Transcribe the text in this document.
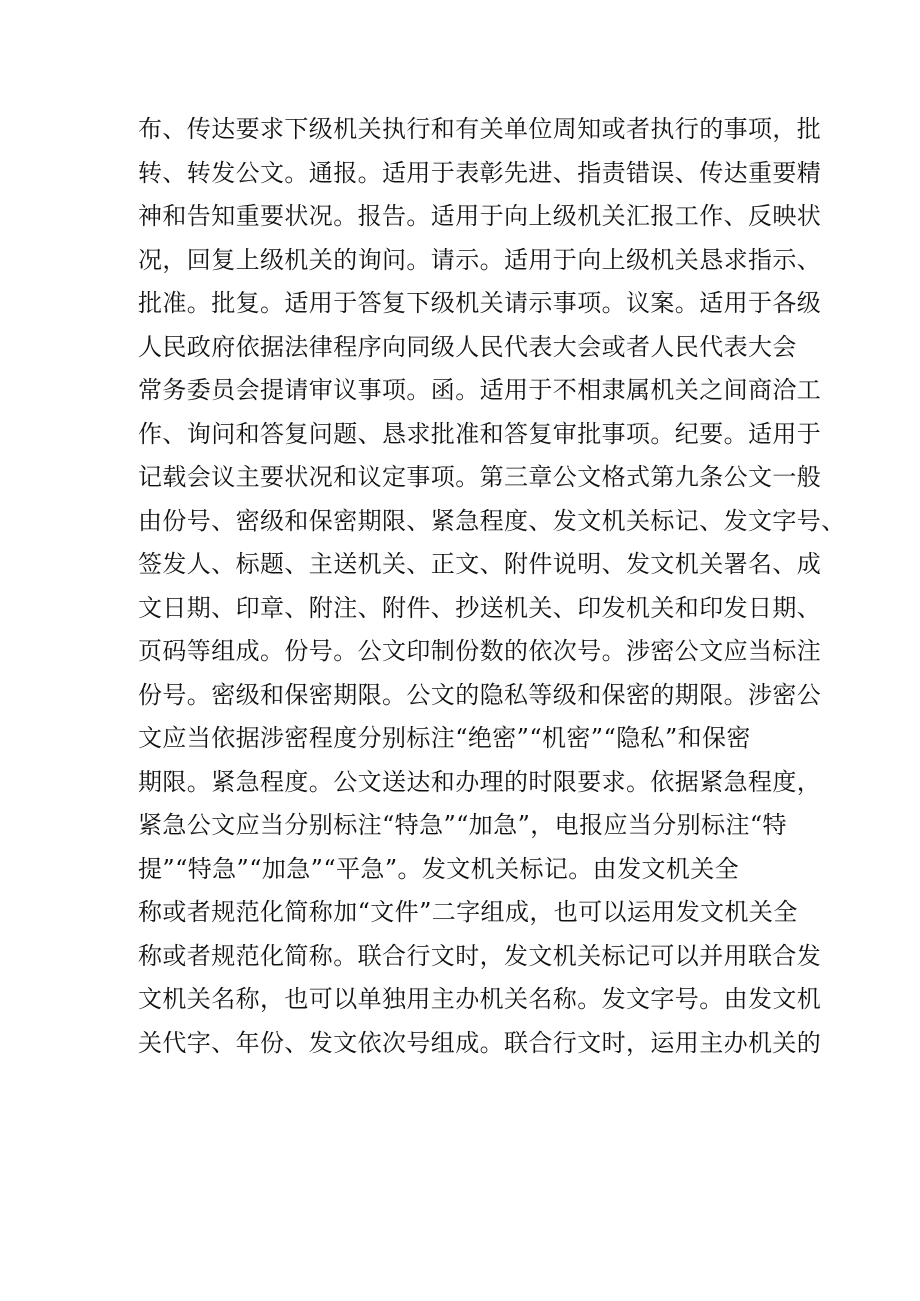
布、传达要求下级机关执行和有关单位周知或者执行的事项，批
转、转发公文。通报。适用于表彰先进、指责错误、传达重要精
神和告知重要状况。报告。适用于向上级机关汇报工作、反映状
况，回复上级机关的询问。请示。适用于向上级机关恳求指示、
批准。批复。适用于答复下级机关请示事项。议案。适用于各级
人民政府依据法律程序向同级人民代表大会或者人民代表大会
常务委员会提请审议事项。函。适用于不相隶属机关之间商洽工
作、询问和答复问题、恳求批准和答复审批事项。纪要。适用于
记载会议主要状况和议定事项。第三章公文格式第九条公文一般
由份号、密级和保密期限、紧急程度、发文机关标记、发文字号、
签发人、标题、主送机关、正文、附件说明、发文机关署名、成
文日期、印章、附注、附件、抄送机关、印发机关和印发日期、
页码等组成。份号。公文印制份数的依次号。涉密公文应当标注
份号。密级和保密期限。公文的隐私等级和保密的期限。涉密公
文应当依据涉密程度分别标注“绝密”“机密”“隐私”和保密
期限。紧急程度。公文送达和办理的时限要求。依据紧急程度，
紧急公文应当分别标注“特急”“加急”，电报应当分别标注“特
提”“特急”“加急”“平急”。发文机关标记。由发文机关全
称或者规范化简称加“文件”二字组成，也可以运用发文机关全
称或者规范化简称。联合行文时，发文机关标记可以并用联合发
文机关名称，也可以单独用主办机关名称。发文字号。由发文机
关代字、年份、发文依次号组成。联合行文时，运用主办机关的
